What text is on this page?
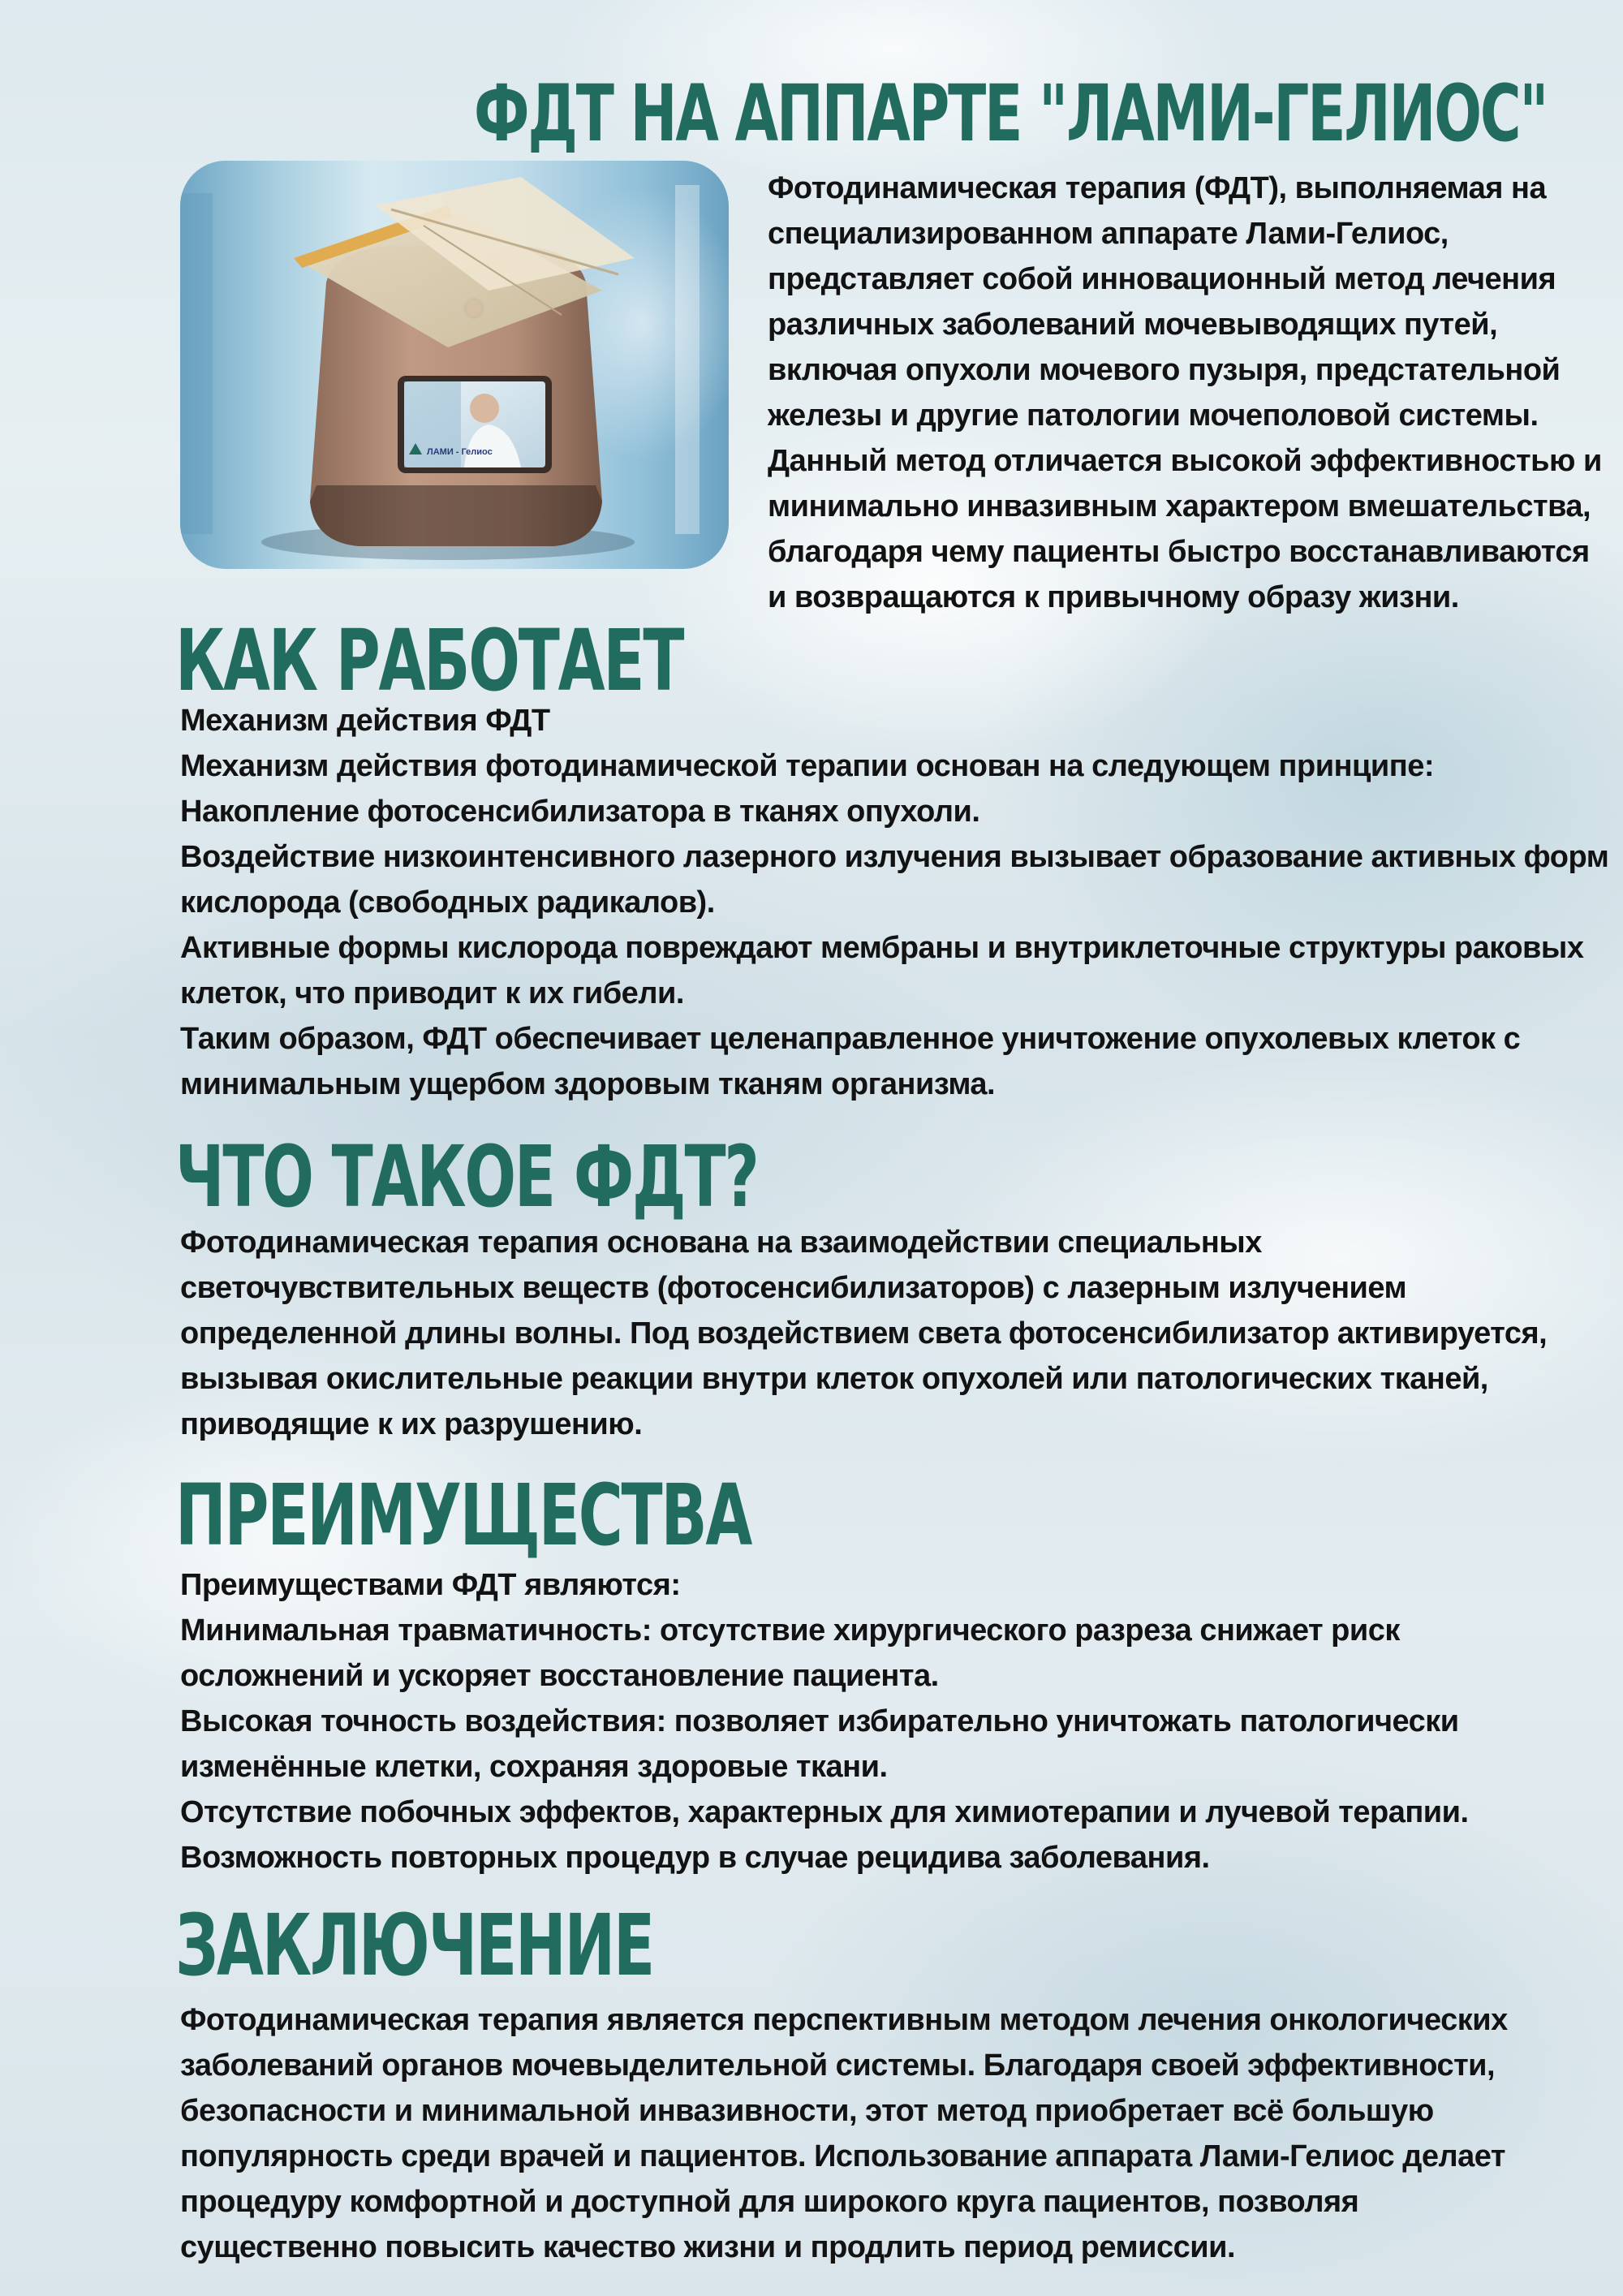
ФДТ НА АППАРТЕ "ЛАМИ-ГЕЛИОС"
ЛАМИ - Гелиос

Фотодинамическая терапия (ФДТ), выполняемая на

специализированном аппарате Лами-Гелиос,

представляет собой инновационный метод лечения

различных заболеваний мочевыводящих путей,

включая опухоли мочевого пузыря, предстательной

железы и другие патологии мочеполовой системы.

Данный метод отличается высокой эффективностью и

минимально инвазивным характером вмешательства,

благодаря чему пациенты быстро восстанавливаются

и возвращаются к привычному образу жизни.

КАК РАБОТАЕТ

Механизм действия ФДТ

Механизм действия фотодинамической терапии основан на следующем принципе:

Накопление фотосенсибилизатора в тканях опухоли.

Воздействие низкоинтенсивного лазерного излучения вызывает образование активных форм

кислорода (свободных радикалов).

Активные формы кислорода повреждают мембраны и внутриклеточные структуры раковых

клеток, что приводит к их гибели.

Таким образом, ФДТ обеспечивает целенаправленное уничтожение опухолевых клеток с

минимальным ущербом здоровым тканям организма.

ЧТО ТАКОЕ ФДТ?

Фотодинамическая терапия основана на взаимодействии специальных

светочувствительных веществ (фотосенсибилизаторов) с лазерным излучением

определенной длины волны. Под воздействием света фотосенсибилизатор активируется,

вызывая окислительные реакции внутри клеток опухолей или патологических тканей,

приводящие к их разрушению.

ПРЕИМУЩЕСТВА

Преимуществами ФДТ являются:

Минимальная травматичность: отсутствие хирургического разреза снижает риск

осложнений и ускоряет восстановление пациента.

Высокая точность воздействия: позволяет избирательно уничтожать патологически

изменённые клетки, сохраняя здоровые ткани.

Отсутствие побочных эффектов, характерных для химиотерапии и лучевой терапии.

Возможность повторных процедур в случае рецидива заболевания.

ЗАКЛЮЧЕНИЕ

Фотодинамическая терапия является перспективным методом лечения онкологических

заболеваний органов мочевыделительной системы. Благодаря своей эффективности,

безопасности и минимальной инвазивности, этот метод приобретает всё большую

популярность среди врачей и пациентов. Использование аппарата Лами-Гелиос делает

процедуру комфортной и доступной для широкого круга пациентов, позволяя

существенно повысить качество жизни и продлить период ремиссии.
